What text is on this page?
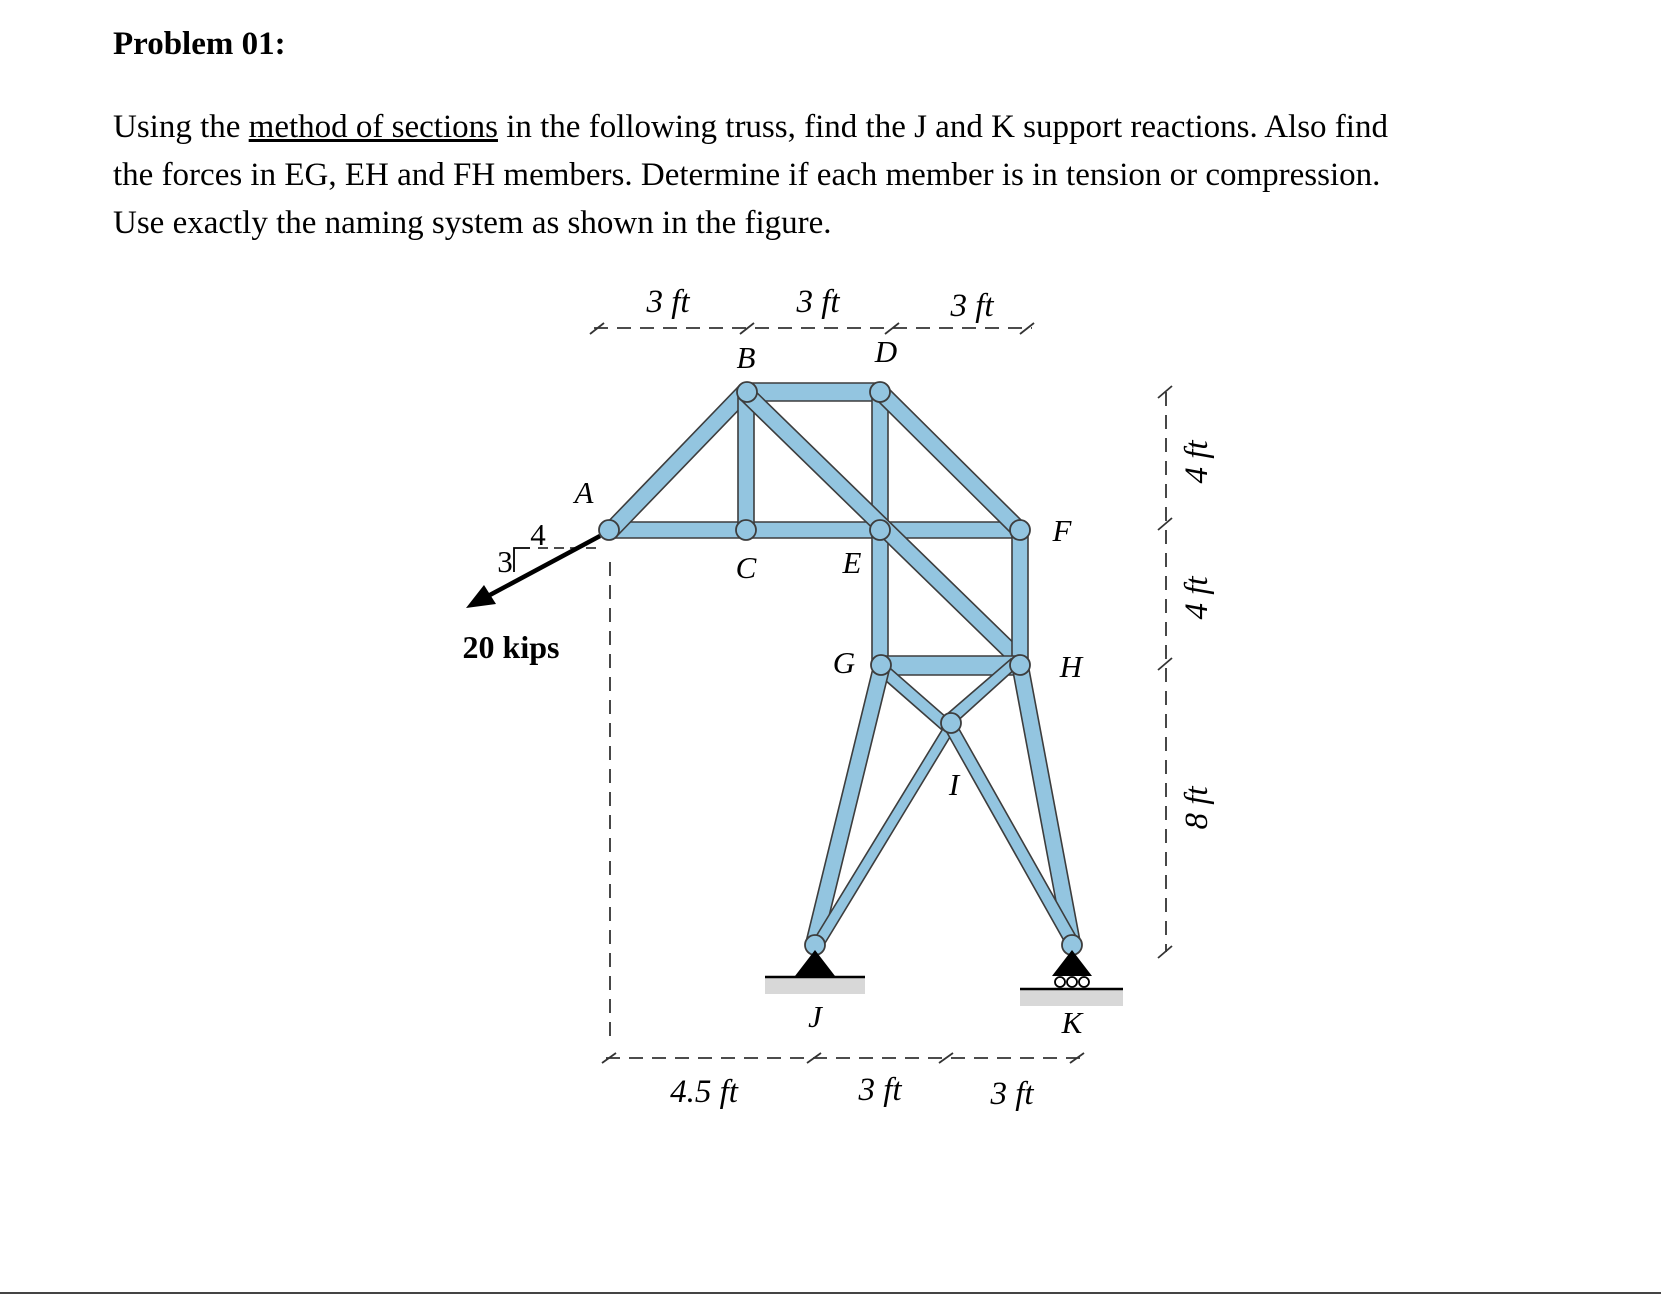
Problem 01:
Using the method of sections in the following truss, find the J and K support reactions. Also find
the forces in EG, EH and FH members. Determine if each member is in tension or compression.
Use exactly the naming system as shown in the figure.
4
3
20 kips
A
B
C
D
E
F
G	H
I
J	K
3 ft	3 ft	3 ft
4.5 ft	3 ft	3 ft
4 ft
4 ft
8 ft
